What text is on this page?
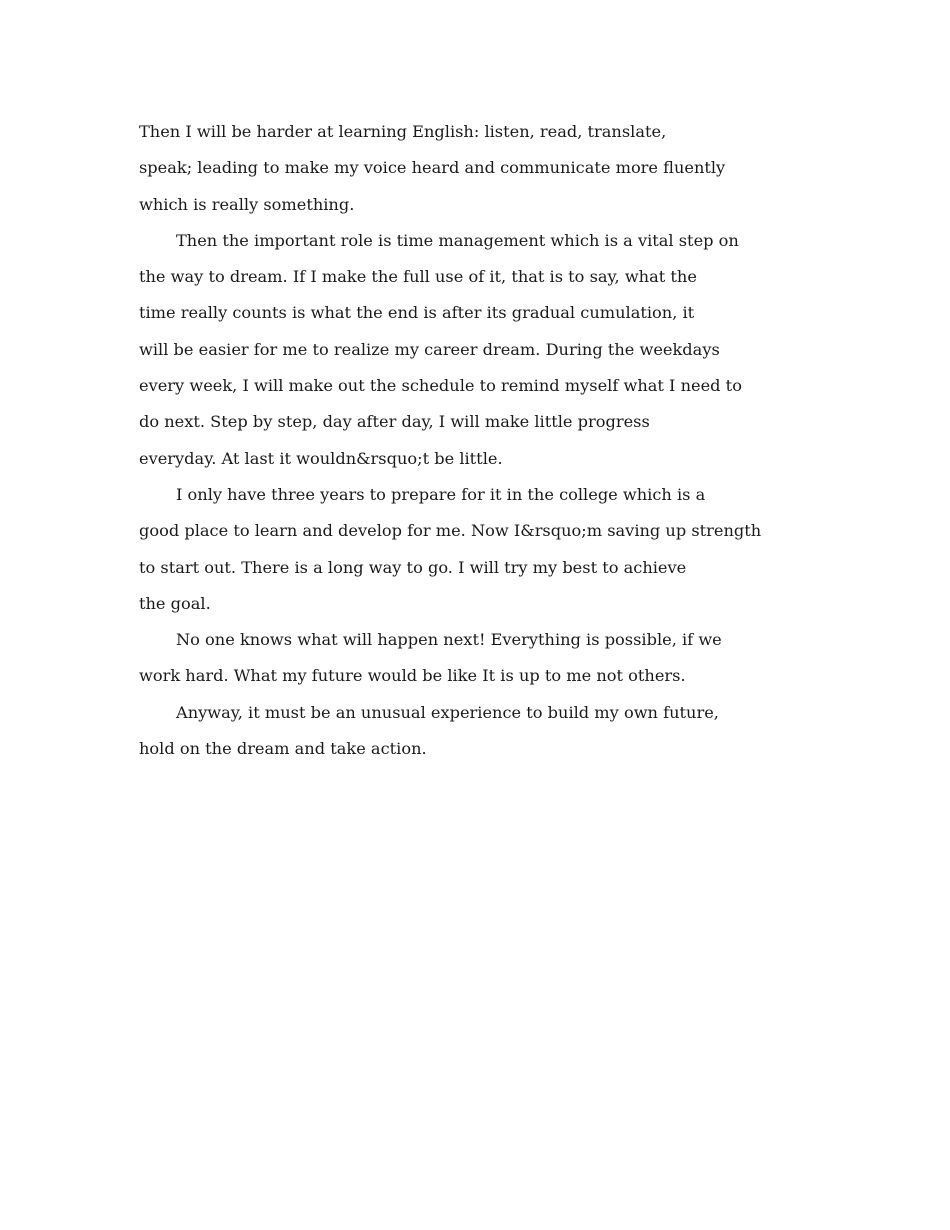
Then I will be harder at learning English: listen, read, translate,
speak; leading to make my voice heard and communicate more fluently
which is really something.
Then the important role is time management which is a vital step on
the way to dream. If I make the full use of it, that is to say, what the
time really counts is what the end is after its gradual cumulation, it
will be easier for me to realize my career dream. During the weekdays
every week, I will make out the schedule to remind myself what I need to
do next. Step by step, day after day, I will make little progress
everyday. At last it wouldn&rsquo;t be little.
I only have three years to prepare for it in the college which is a
good place to learn and develop for me. Now I&rsquo;m saving up strength
to start out. There is a long way to go. I will try my best to achieve
the goal.
No one knows what will happen next! Everything is possible, if we
work hard. What my future would be like It is up to me not others.
Anyway, it must be an unusual experience to build my own future,
hold on the dream and take action.
